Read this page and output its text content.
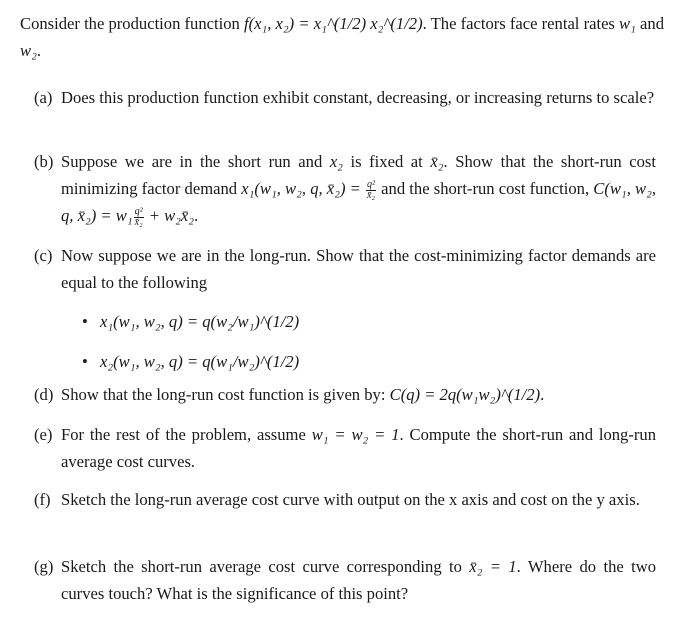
Consider the production function f(x₁, x₂) = x₁^(1/2) x₂^(1/2). The factors face rental rates w₁ and w₂.
(a) Does this production function exhibit constant, decreasing, or increasing returns to scale?
(b) Suppose we are in the short run and x₂ is fixed at x̄₂. Show that the short-run cost minimizing factor demand x₁(w₁, w₂, q, x̄₂) = $\frac{\text{q²}}{\text{x̄₂}}$ and the short-run cost function, C(w₁, w₂, q, x̄₂) = $w_1 \frac{\text{q²}}{\text{x̄₂}}$ + w₂x̄₂.
(c) Now suppose we are in the long-run. Show that the cost-minimizing factor demands are equal to the following
• x₁(w₁, w₂, q) = q(w₂/w₁)^(1/2)
• x₂(w₁, w₂, q) = q(w₁/w₂)^(1/2)
(d) Show that the long-run cost function is given by: C(q) = 2q(w₁w₂)^(1/2).
(e) For the rest of the problem, assume w₁ = w₂ = 1. Compute the short-run and long-run average cost curves.
(f) Sketch the long-run average cost curve with output on the x axis and cost on the y axis.
(g) Sketch the short-run average cost curve corresponding to x̄₂ = 1. Where do the two curves touch? What is the significance of this point?
